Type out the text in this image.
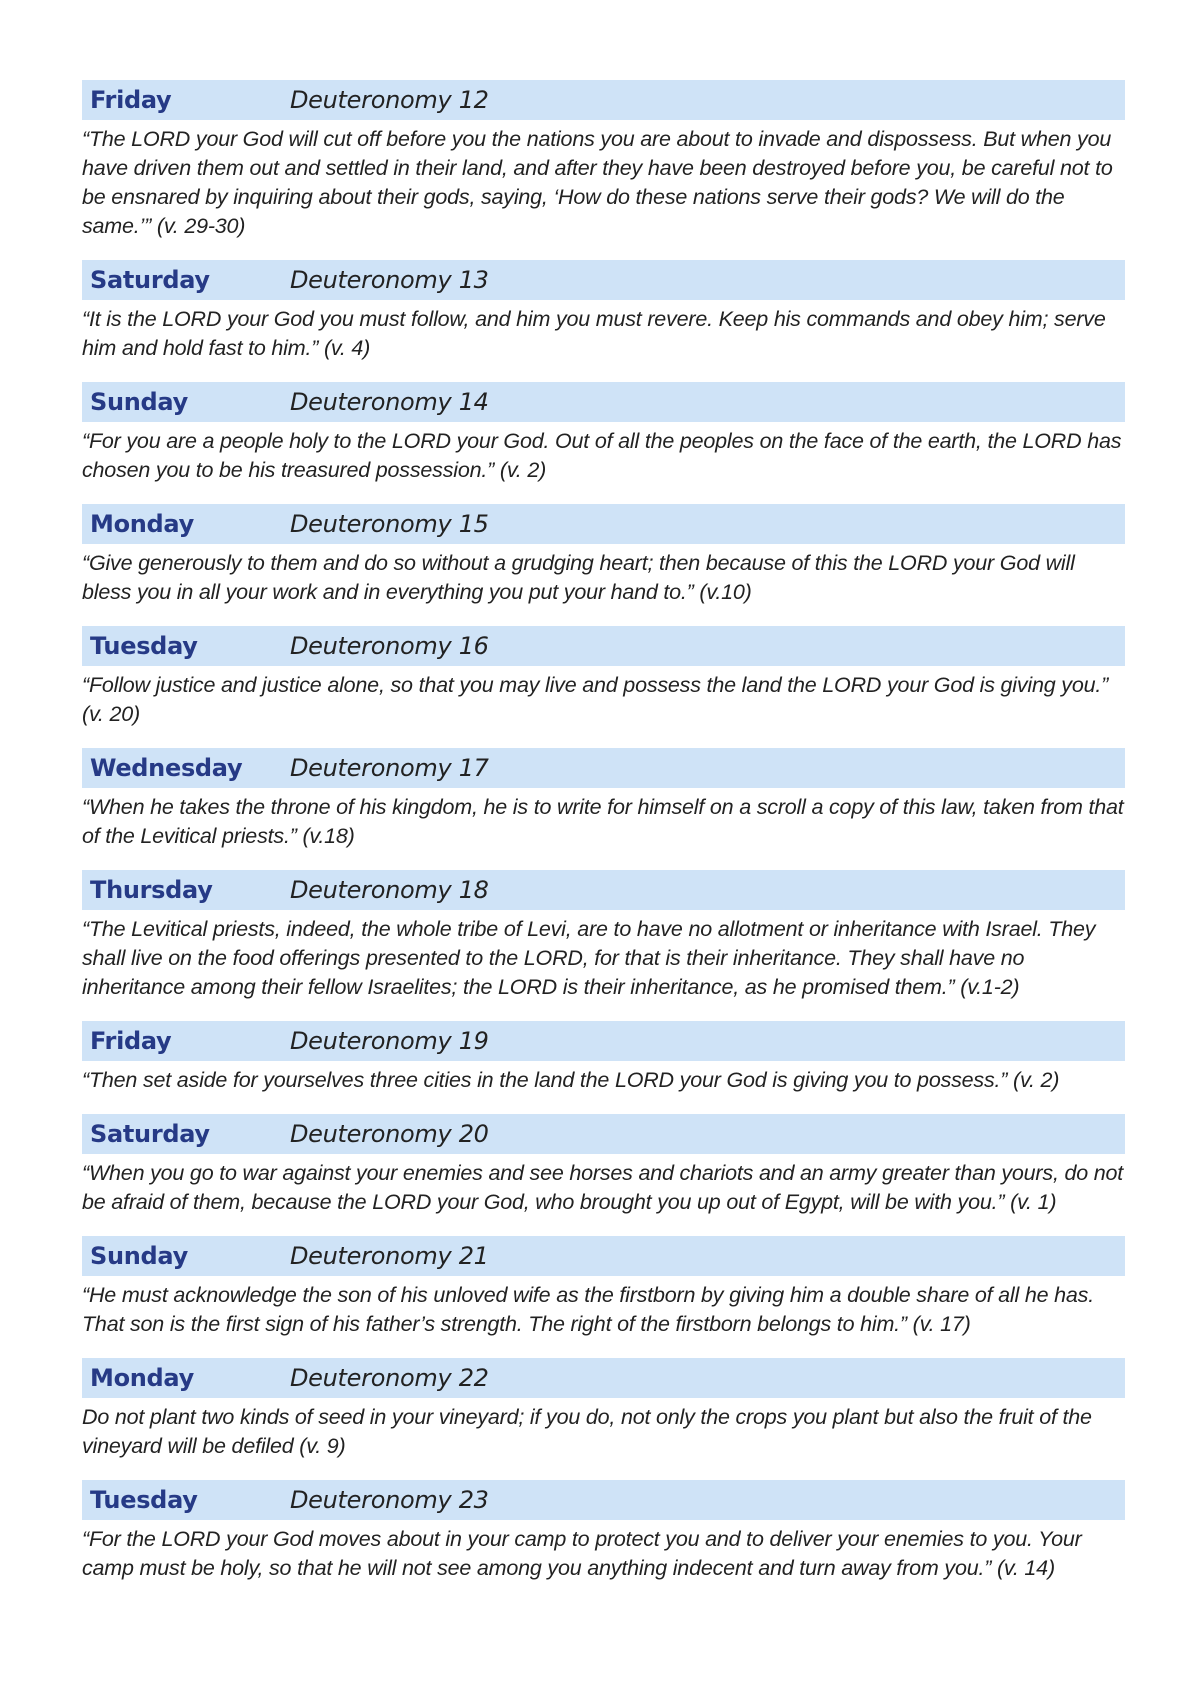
Friday	Deuteronomy 12
“The LORD your God will cut off before you the nations you are about to invade and dispossess. But when you have driven them out and settled in their land, and after they have been destroyed before you, be careful not to be ensnared by inquiring about their gods, saying, ‘How do these nations serve their gods? We will do the same.’” (v. 29-30)
Saturday	Deuteronomy 13
“It is the LORD your God you must follow, and him you must revere. Keep his commands and obey him; serve him and hold fast to him.” (v. 4)
Sunday	Deuteronomy 14
“For you are a people holy to the LORD your God. Out of all the peoples on the face of the earth, the LORD has chosen you to be his treasured possession.” (v. 2)
Monday	Deuteronomy 15
“Give generously to them and do so without a grudging heart; then because of this the LORD your God will bless you in all your work and in everything you put your hand to.” (v.10)
Tuesday	Deuteronomy 16
“Follow justice and justice alone, so that you may live and possess the land the LORD your God is giving you.” (v. 20)
Wednesday	Deuteronomy 17
“When he takes the throne of his kingdom, he is to write for himself on a scroll a copy of this law, taken from that of the Levitical priests.” (v.18)
Thursday	Deuteronomy 18
“The Levitical priests, indeed, the whole tribe of Levi, are to have no allotment or inheritance with Israel. They shall live on the food offerings presented to the LORD, for that is their inheritance. They shall have no inheritance among their fellow Israelites; the LORD is their inheritance, as he promised them.” (v.1-2)
Friday	Deuteronomy 19
“Then set aside for yourselves three cities in the land the LORD your God is giving you to possess.” (v. 2)
Saturday	Deuteronomy 20
“When you go to war against your enemies and see horses and chariots and an army greater than yours, do not be afraid of them, because the LORD your God, who brought you up out of Egypt, will be with you.” (v. 1)
Sunday	Deuteronomy 21
“He must acknowledge the son of his unloved wife as the firstborn by giving him a double share of all he has. That son is the first sign of his father’s strength. The right of the firstborn belongs to him.” (v. 17)
Monday	Deuteronomy 22
Do not plant two kinds of seed in your vineyard; if you do, not only the crops you plant but also the fruit of the vineyard will be defiled (v. 9)
Tuesday	Deuteronomy 23
“For the LORD your God moves about in your camp to protect you and to deliver your enemies to you. Your camp must be holy, so that he will not see among you anything indecent and turn away from you.” (v. 14)
